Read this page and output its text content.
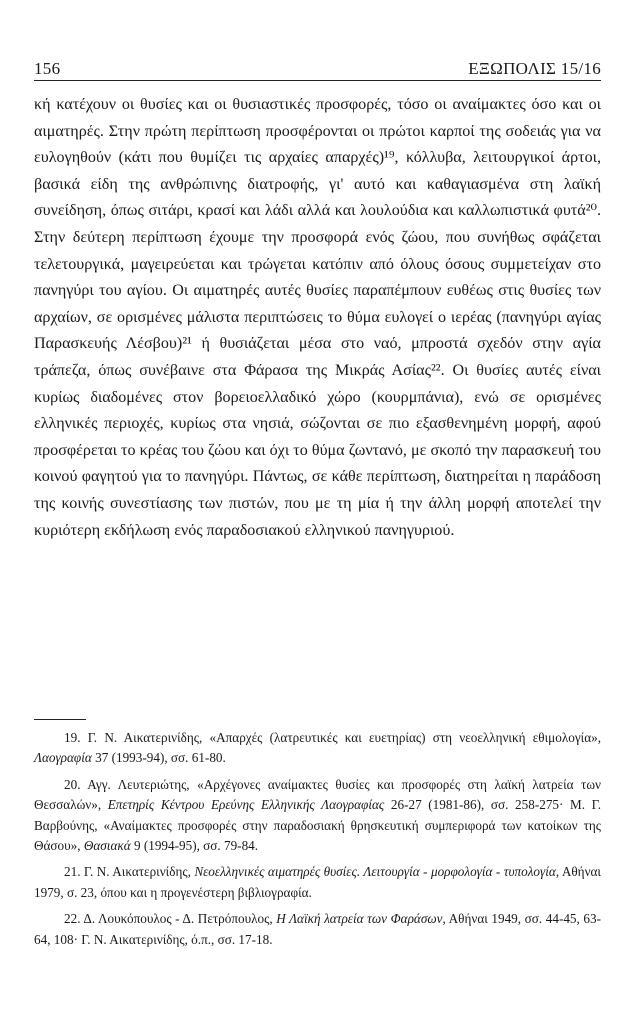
156	ΕΞΩΠΟΛΙΣ 15/16

κή κατέχουν οι θυσίες και οι θυσιαστικές προσφορές, τόσο οι αναίμακτες όσο και οι αιματηρές. Στην πρώτη περίπτωση προσφέρονται οι πρώτοι καρποί της σοδειάς για να ευλογηθούν (κάτι που θυμίζει τις αρχαίες απαρχές)¹⁹, κόλλυβα, λειτουργικοί άρτοι, βασικά είδη της ανθρώπινης διατροφής, γι' αυτό και καθαγιασμένα στη λαϊκή συνείδηση, όπως σιτάρι, κρασί και λάδι αλλά και λουλούδια και καλλωπιστικά φυτά²⁰. Στην δεύτερη περίπτωση έχουμε την προσφορά ενός ζώου, που συνήθως σφάζεται τελετουργικά, μαγειρεύεται και τρώγεται κατόπιν από όλους όσους συμμετείχαν στο πανηγύρι του αγίου. Οι αιματηρές αυτές θυσίες παραπέμπουν ευθέως στις θυσίες των αρχαίων, σε ορισμένες μάλιστα περιπτώσεις το θύμα ευλογεί ο ιερέας (πανηγύρι αγίας Παρασκευής Λέσβου)²¹ ή θυσιάζεται μέσα στο ναό, μπροστά σχεδόν στην αγία τράπεζα, όπως συνέβαινε στα Φάρασα της Μικράς Ασίας²². Οι θυσίες αυτές είναι κυρίως διαδομένες στον βορειοελλαδικό χώρο (κουρμπάνια), ενώ σε ορισμένες ελληνικές περιοχές, κυρίως στα νησιά, σώζονται σε πιο εξασθενημένη μορφή, αφού προσφέρεται το κρέας του ζώου και όχι το θύμα ζωντανό, με σκοπό την παρασκευή του κοινού φαγητού για το πανηγύρι. Πάντως, σε κάθε περίπτωση, διατηρείται η παράδοση της κοινής συνεστίασης των πιστών, που με τη μία ή την άλλη μορφή αποτελεί την κυριότερη εκδήλωση ενός παραδοσιακού ελληνικού πανηγυριού.

19. Γ. Ν. Αικατερινίδης, «Απαρχές (λατρευτικές και ευετηρίας) στη νεοελληνική εθιμολογία», Λαογραφία 37 (1993-94), σσ. 61-80.

20. Αγγ. Λευτεριώτης, «Αρχέγονες αναίμακτες θυσίες και προσφορές στη λαϊκή λατρεία των Θεσσαλών», Επετηρίς Κέντρου Ερεύνης Ελληνικής Λαογραφίας 26-27 (1981-86), σσ. 258-275· Μ. Γ. Βαρβούνης, «Αναίμακτες προσφορές στην παραδοσιακή θρησκευτική συμπεριφορά των κατοίκων της Θάσου», Θασιακά 9 (1994-95), σσ. 79-84.

21. Γ. Ν. Αικατερινίδης, Νεοελληνικές αιματηρές θυσίες. Λειτουργία - μορφολογία - τυπολογία, Αθήναι 1979, σ. 23, όπου και η προγενέστερη βιβλιογραφία.

22. Δ. Λουκόπουλος - Δ. Πετρόπουλος, Η Λαϊκή λατρεία των Φαράσων, Αθήναι 1949, σσ. 44-45, 63-64, 108· Γ. Ν. Αικατερινίδης, ό.π., σσ. 17-18.
